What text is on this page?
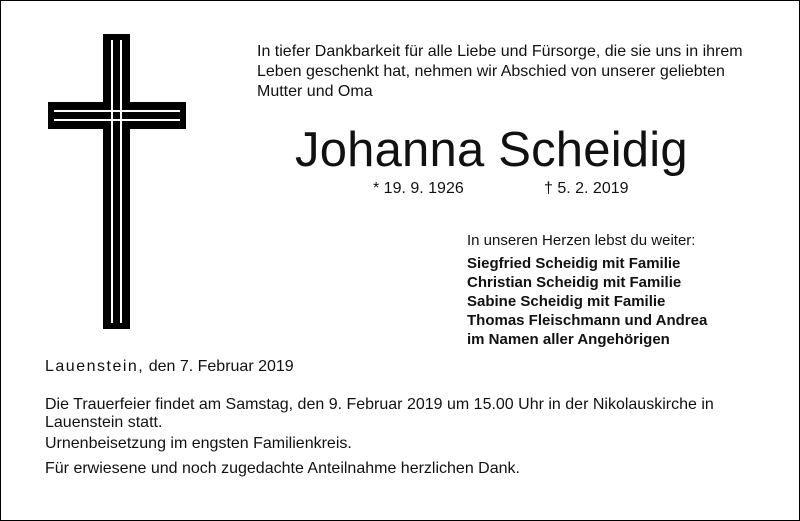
In tiefer Dankbarkeit für alle Liebe und Fürsorge, die sie uns in ihrem Leben geschenkt hat, nehmen wir Abschied von unserer geliebten Mutter und Oma

Johanna Scheidig

* 19. 9. 1926	† 5. 2. 2019

In unseren Herzen lebst du weiter:

Siegfried Scheidig mit Familie
Christian Scheidig mit Familie
Sabine Scheidig mit Familie
Thomas Fleischmann und Andrea
im Namen aller Angehörigen

Lauenstein, den 7. Februar 2019

Die Trauerfeier findet am Samstag, den 9. Februar 2019 um 15.00 Uhr in der Nikolauskirche in Lauenstein statt.

Urnenbeisetzung im engsten Familienkreis.

Für erwiesene und noch zugedachte Anteilnahme herzlichen Dank.
